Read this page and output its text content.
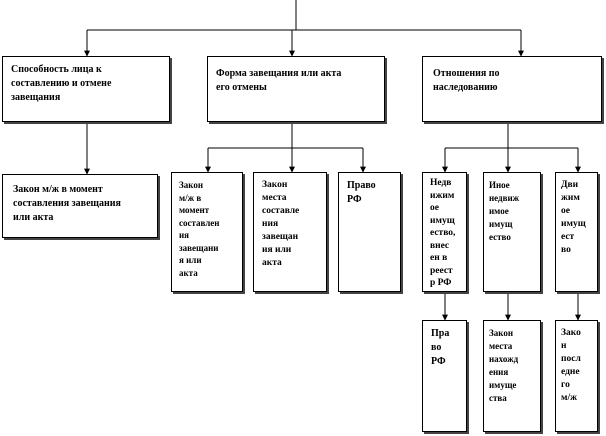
Способность лица к
составлению и отмене
завещания
Форма завещания или акта
его отмены
Отношения по
наследованию
Закон м/ж в момент
составления завещания
или акта
Закон
м/ж в
момент
составлен
ия
завещани
я или
акта
Закон
места
составле
ния
завещан
ия или
акта
Право
РФ
Недв
ижим
ое
имущ
ество,
внес
ен в
реест
р РФ
Иное
недвиж
имое
имущ
ество
Дви
жим
ое
имущ
ест
во
Пра
во
РФ
Закон
места
нахожд
ения
имуще
ства
Зако
н
посл
едне
го
м/ж
